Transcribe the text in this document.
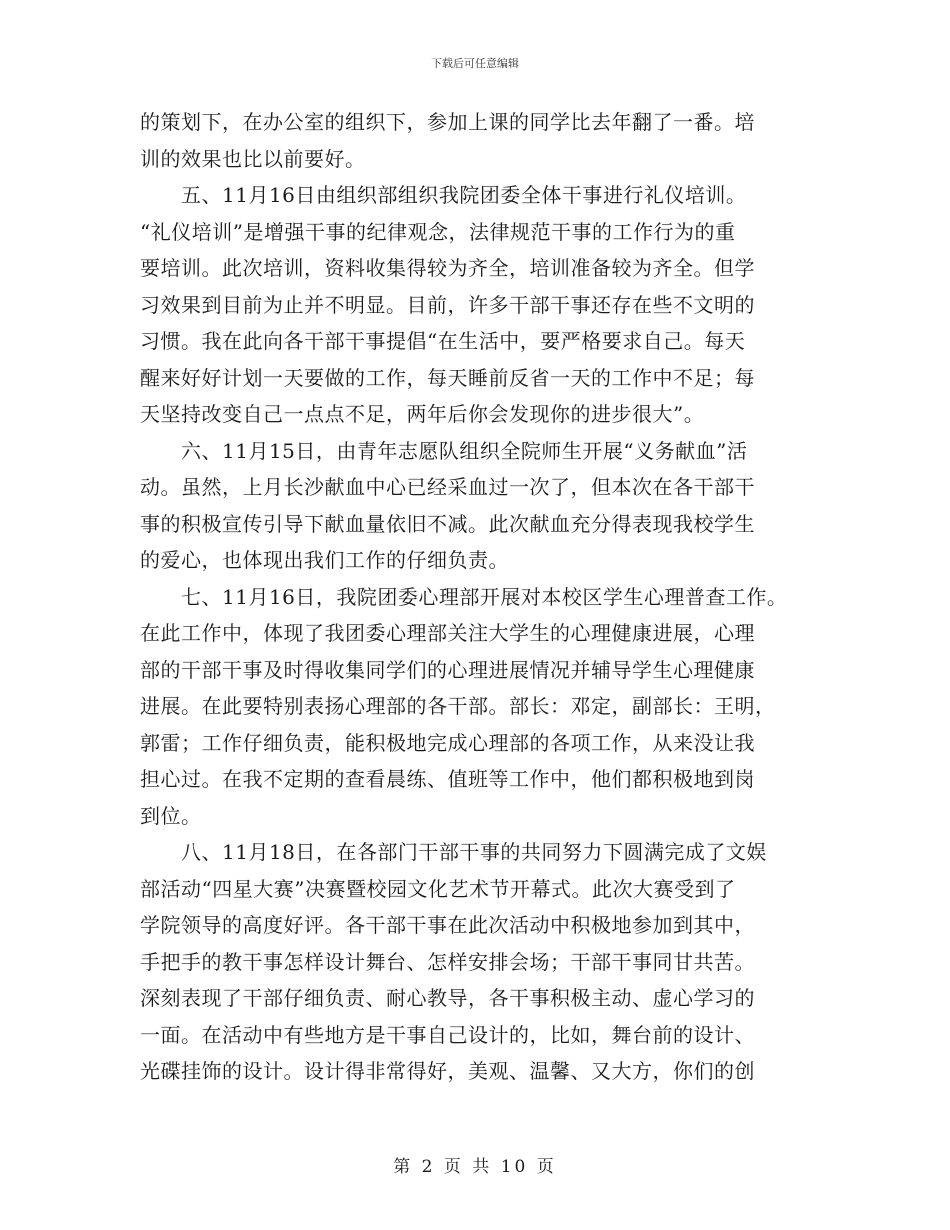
下载后可任意编辑
的策划下，在办公室的组织下，参加上课的同学比去年翻了一番。培
训的效果也比以前要好。
　　五、11月16日由组织部组织我院团委全体干事进行礼仪培训。
“礼仪培训”是增强干事的纪律观念，法律规范干事的工作行为的重
要培训。此次培训，资料收集得较为齐全，培训准备较为齐全。但学
习效果到目前为止并不明显。目前，许多干部干事还存在些不文明的
习惯。我在此向各干部干事提倡“在生活中，要严格要求自己。每天
醒来好好计划一天要做的工作，每天睡前反省一天的工作中不足；每
天坚持改变自己一点点不足，两年后你会发现你的进步很大”。
　　六、11月15日，由青年志愿队组织全院师生开展“义务献血”活
动。虽然，上月长沙献血中心已经采血过一次了，但本次在各干部干
事的积极宣传引导下献血量依旧不减。此次献血充分得表现我校学生
的爱心，也体现出我们工作的仔细负责。
　　七、11月16日，我院团委心理部开展对本校区学生心理普查工作。
在此工作中，体现了我团委心理部关注大学生的心理健康进展，心理
部的干部干事及时得收集同学们的心理进展情况并辅导学生心理健康
进展。在此要特别表扬心理部的各干部。部长：邓定，副部长：王明，
郭雷；工作仔细负责，能积极地完成心理部的各项工作，从来没让我
担心过。在我不定期的查看晨练、值班等工作中，他们都积极地到岗
到位。
　　八、11月18日，在各部门干部干事的共同努力下圆满完成了文娱
部活动“四星大赛”决赛暨校园文化艺术节开幕式。此次大赛受到了
学院领导的高度好评。各干部干事在此次活动中积极地参加到其中，
手把手的教干事怎样设计舞台、怎样安排会场；干部干事同甘共苦。
深刻表现了干部仔细负责、耐心教导，各干事积极主动、虚心学习的
一面。在活动中有些地方是干事自己设计的，比如，舞台前的设计、
光碟挂饰的设计。设计得非常得好，美观、温馨、又大方，你们的创
第 2 页 共 10 页
